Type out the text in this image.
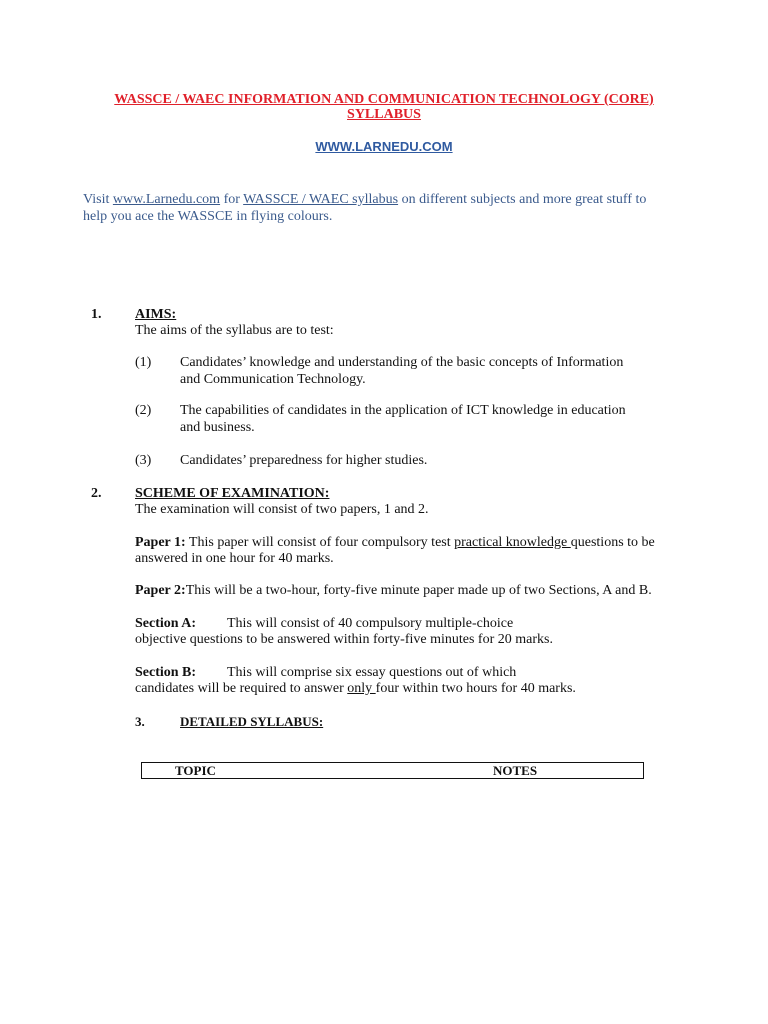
WASSCE / WAEC INFORMATION AND COMMUNICATION TECHNOLOGY (CORE)
SYLLABUS
WWW.LARNEDU.COM
Visit www.Larnedu.com for WASSCE / WAEC syllabus on different subjects and more great stuff to
help you ace the WASSCE in flying colours.
1. AIMS:
The aims of the syllabus are to test:
(1) Candidates’ knowledge and understanding of the basic concepts of Information
and Communication Technology.
(2) The capabilities of candidates in the application of ICT knowledge in education
and business.
(3) Candidates’ preparedness for higher studies.
2. SCHEME OF EXAMINATION:
The examination will consist of two papers, 1 and 2.
Paper 1: This paper will consist of four compulsory test practical knowledge questions to be
answered in one hour for 40 marks.
Paper 2:This will be a two-hour, forty-five minute paper made up of two Sections, A and B.
Section A: This will consist of 40 compulsory multiple-choice
objective questions to be answered within forty-five minutes for 20 marks.
Section B: This will comprise six essay questions out of which
candidates will be required to answer only four within two hours for 40 marks.
3.	DETAILED SYLLABUS:
TOPIC	NOTES
